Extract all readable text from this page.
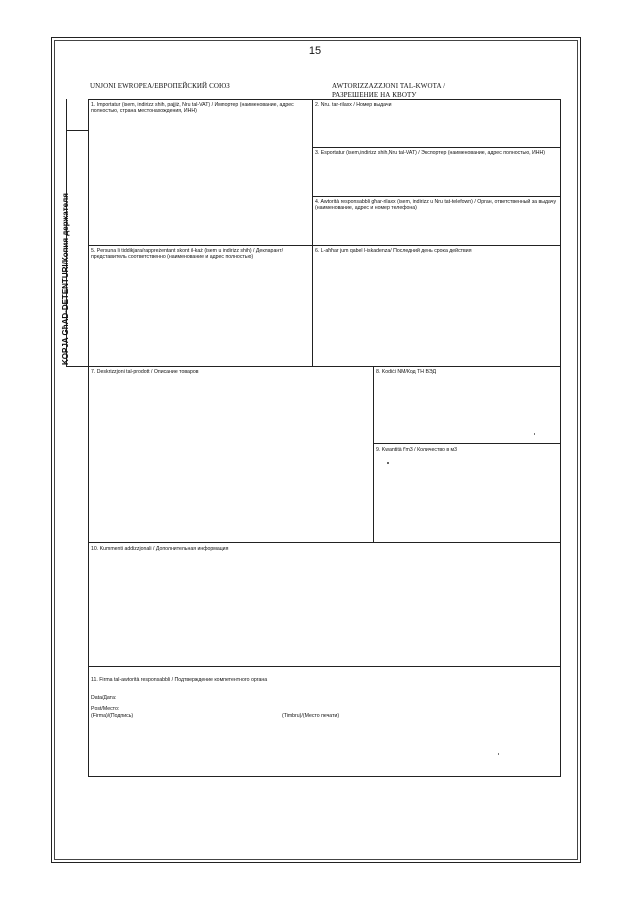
15
UNJONI EWROPEA/ЕВРОПЕЙСКИЙ СОЮЗ	AWTORIZZAZZJONI TAL-KWOTA /
РАЗРЕШЕНИЕ НА КВОТУ
KOPJA GћAD-DETENTURI/Копия держателя
1. Importatur (isem, indirizz shih, pajjiż, Nru tal-VAT) / Импортер (наименование, адрес полностью, страна местонахождения, ИНН)
2. Nru. tar-rilaxx / Номер выдачи
3. Esportatur (isem,indirizz shih,Nru tal-VAT) / Экспортер (наименование, адрес полностью, ИНН)
4. Awtorità responsabbli għar-rilaxx (isem, indirizz u Nru tat-telefown) / Орган, ответственный за выдачу (наименование, адрес и номер телефона)
5. Persuna li tiddikjara/rappreżentant skont il-każ (isem u indirizz shih) / Декларант/представитель соответственно (наименование и адрес полностью)
6. L-aħħar jum qabel l-iskadenza/ Последний день срока действия
7. Deskrizzjoni tal-prodott / Описание товаров	8. Kodiċi NM/Код ТН ВЭД
9. Kwantità f'm3 / Количество в м3
10. Kummenti addizzjonali / Дополнительная информация
11. Firma tal-awtorità responsabbli / Подтверждение компетентного органа
Data/Дата:
Post/Место:
(Firma)/(Подпись)	(Timbru)/(Место печати)
